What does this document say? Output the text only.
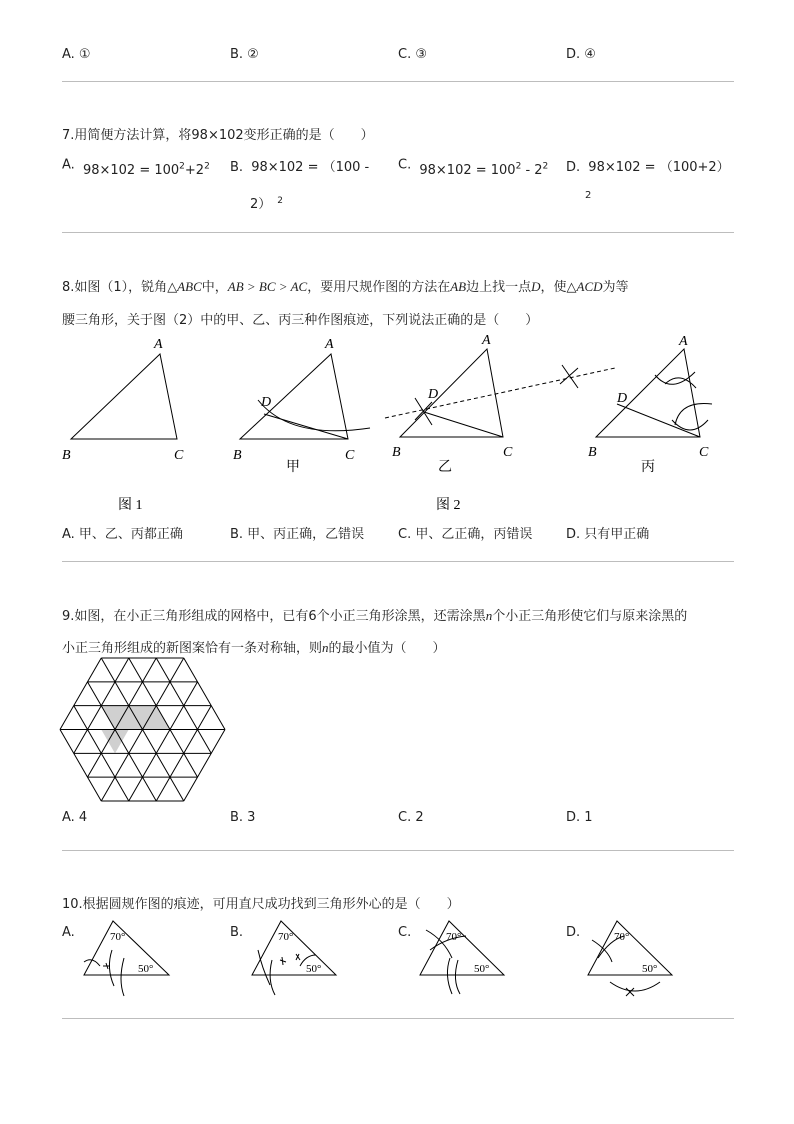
A. ①	B. ②	C. ③	D. ④
7.用简便方法计算，将98×102变形正确的是（　　）
A. $98\times 102 = 100^2+2^2$ B. 98×102 = （100 -
2） $^2$
C. $98\times 102 = 100^2 - 2^2$ D. 98×102 = （100+2）
2
8.如图（1），锐角△ABC中，AB > BC > AC，要用尺规作图的方法在AB边上找一点D，使△ACD为等
腰三角形，关于图（2）中的甲、乙、丙三种作图痕迹，下列说法正确的是（　　）
A
B	C
图 1
A
D
B	C
甲
A
D
B	C
乙
图 2
A
D
B	C
丙
A. 甲、乙、丙都正确	B. 甲、丙正确，乙错误	C. 甲、乙正确，丙错误	D. 只有甲正确
9.如图，在小正三角形组成的网格中，已有6个小正三角形涂黑，还需涂黑n个小正三角形使它们与原来涂黑的
小正三角形组成的新图案恰有一条对称轴，则n的最小值为（　　）
A. 4	B. 3	C. 2	D. 1
10.根据圆规作图的痕迹，可用直尺成功找到三角形外心的是（　　）
A.	B.	C.	D.
70°
50°
70°
50°
70°
50°
70°
50°
